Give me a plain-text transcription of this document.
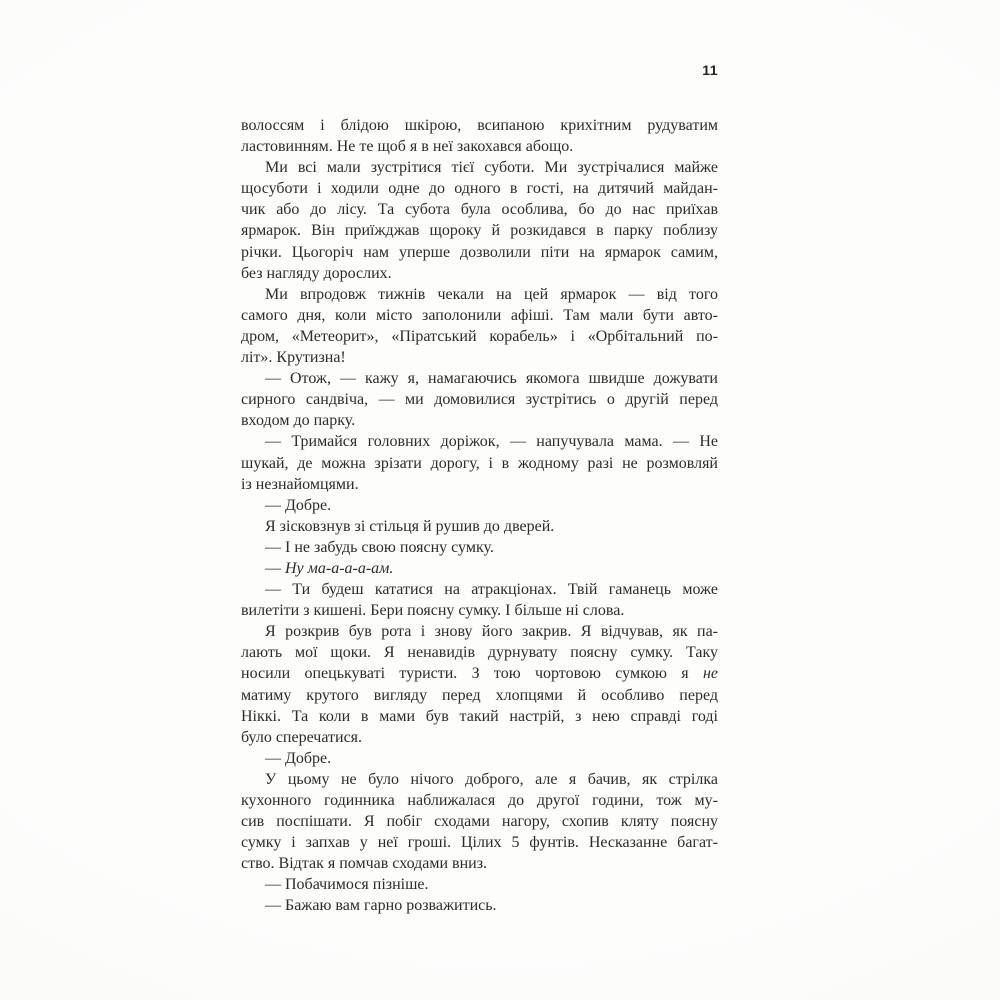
11
волоссям і блідою шкірою, всипаною крихітним рудуватим
ластовинням. Не те щоб я в неї закохався абощо.
Ми всі мали зустрітися тієї суботи. Ми зустрічалися майже
щосуботи і ходили одне до одного в гості, на дитячий майдан-
чик або до лісу. Та субота була особлива, бо до нас приїхав
ярмарок. Він приїжджав щороку й розкидався в парку поблизу
річки. Цьогоріч нам уперше дозволили піти на ярмарок самим,
без нагляду дорослих.
Ми впродовж тижнів чекали на цей ярмарок — від того
самого дня, коли місто заполонили афіші. Там мали бути авто-
дром, «Метеорит», «Піратський корабель» і «Орбітальний по-
літ». Крутизна!
— Отож, — кажу я, намагаючись якомога швидше дожувати
сирного сандвіча, — ми домовилися зустрітись о другій перед
входом до парку.
— Тримайся головних доріжок, — напучувала мама. — Не
шукай, де можна зрізати дорогу, і в жодному разі не розмовляй
із незнайомцями.
— Добре.
Я зісковзнув зі стільця й рушив до дверей.
— І не забудь свою поясну сумку.
— Ну ма-а-а-а-ам.
— Ти будеш кататися на атракціонах. Твій гаманець може
вилетіти з кишені. Бери поясну сумку. І більше ні слова.
Я розкрив був рота і знову його закрив. Я відчував, як па-
лають мої щоки. Я ненавидів дурнувату поясну сумку. Таку
носили опецькуваті туристи. З тою чортовою сумкою я не
матиму крутого вигляду перед хлопцями й особливо перед
Ніккі. Та коли в мами був такий настрій, з нею справді годі
було сперечатися.
— Добре.
У цьому не було нічого доброго, але я бачив, як стрілка
кухонного годинника наближалася до другої години, тож му-
сив поспішати. Я побіг сходами нагору, схопив кляту поясну
сумку і запхав у неї гроші. Цілих 5 фунтів. Несказанне багат-
ство. Відтак я помчав сходами вниз.
— Побачимося пізніше.
— Бажаю вам гарно розважитись.
